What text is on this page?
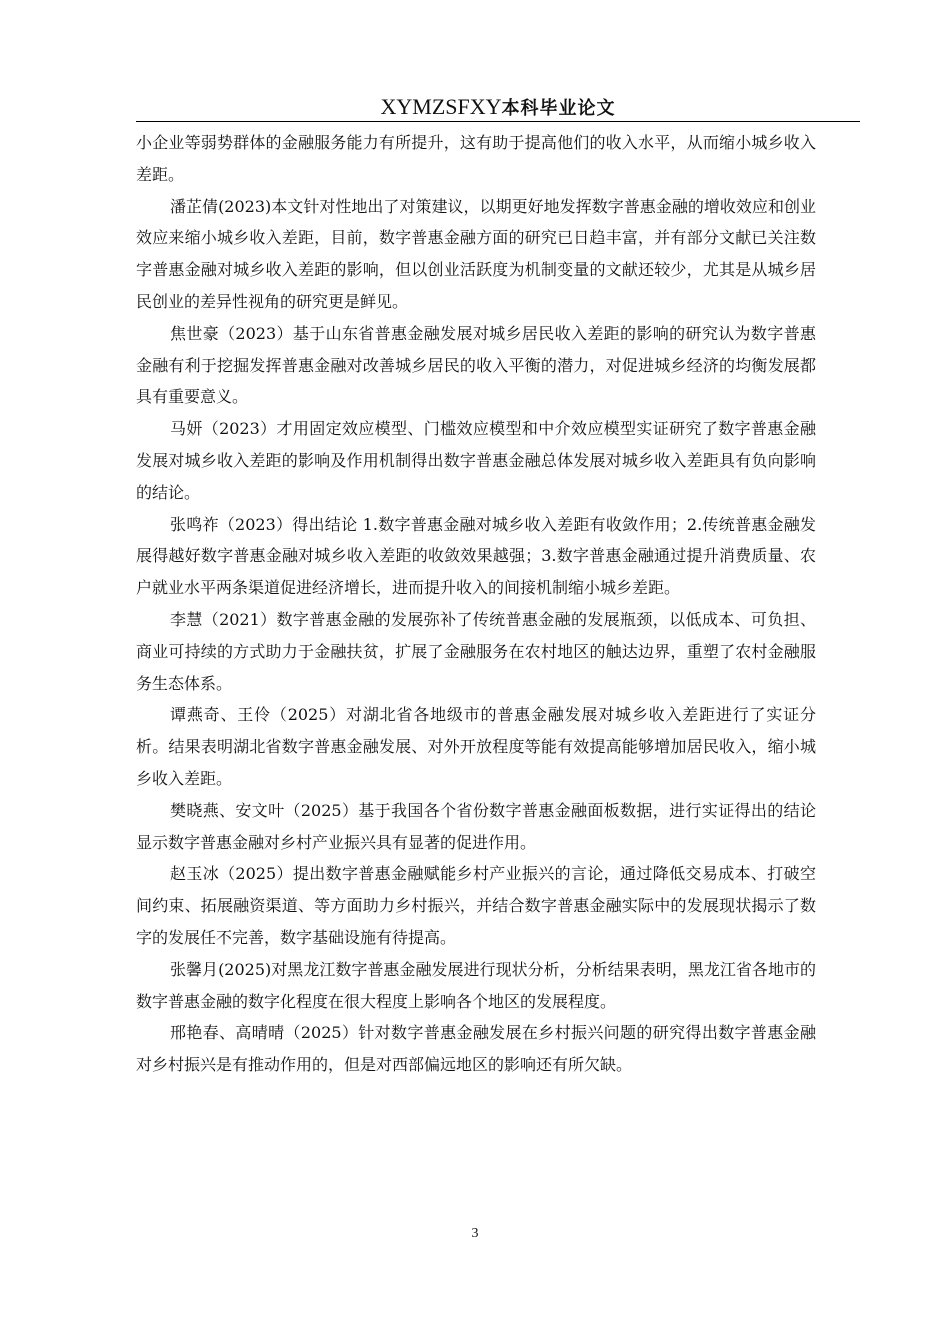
XYMZSFXY本科毕业论文

小企业等弱势群体的金融服务能力有所提升，这有助于提高他们的收入水平，从而缩小城乡收入差距。

潘芷倩(2023)本文针对性地出了对策建议，以期更好地发挥数字普惠金融的增收效应和创业效应来缩小城乡收入差距，目前，数字普惠金融方面的研究已日趋丰富，并有部分文献已关注数字普惠金融对城乡收入差距的影响，但以创业活跃度为机制变量的文献还较少，尤其是从城乡居民创业的差异性视角的研究更是鲜见。

焦世豪（2023）基于山东省普惠金融发展对城乡居民收入差距的影响的研究认为数字普惠金融有利于挖掘发挥普惠金融对改善城乡居民的收入平衡的潜力，对促进城乡经济的均衡发展都具有重要意义。

马妍（2023）才用固定效应模型、门槛效应模型和中介效应模型实证研究了数字普惠金融发展对城乡收入差距的影响及作用机制得出数字普惠金融总体发展对城乡收入差距具有负向影响的结论。

张鸣祚（2023）得出结论 1.数字普惠金融对城乡收入差距有收敛作用；2.传统普惠金融发展得越好数字普惠金融对城乡收入差距的收敛效果越强；3.数字普惠金融通过提升消费质量、农户就业水平两条渠道促进经济增长，进而提升收入的间接机制缩小城乡差距。

李慧（2021）数字普惠金融的发展弥补了传统普惠金融的发展瓶颈，以低成本、可负担、商业可持续的方式助力于金融扶贫，扩展了金融服务在农村地区的触达边界，重塑了农村金融服务生态体系。

谭燕奇、王伶（2025）对湖北省各地级市的普惠金融发展对城乡收入差距进行了实证分析。结果表明湖北省数字普惠金融发展、对外开放程度等能有效提高能够增加居民收入，缩小城乡收入差距。

樊晓燕、安文叶（2025）基于我国各个省份数字普惠金融面板数据，进行实证得出的结论显示数字普惠金融对乡村产业振兴具有显著的促进作用。

赵玉冰（2025）提出数字普惠金融赋能乡村产业振兴的言论，通过降低交易成本、打破空间约束、拓展融资渠道、等方面助力乡村振兴，并结合数字普惠金融实际中的发展现状揭示了数字的发展任不完善，数字基础设施有待提高。

张馨月(2025)对黑龙江数字普惠金融发展进行现状分析，分析结果表明，黑龙江省各地市的数字普惠金融的数字化程度在很大程度上影响各个地区的发展程度。

邢艳春、高晴晴（2025）针对数字普惠金融发展在乡村振兴问题的研究得出数字普惠金融对乡村振兴是有推动作用的，但是对西部偏远地区的影响还有所欠缺。

3
